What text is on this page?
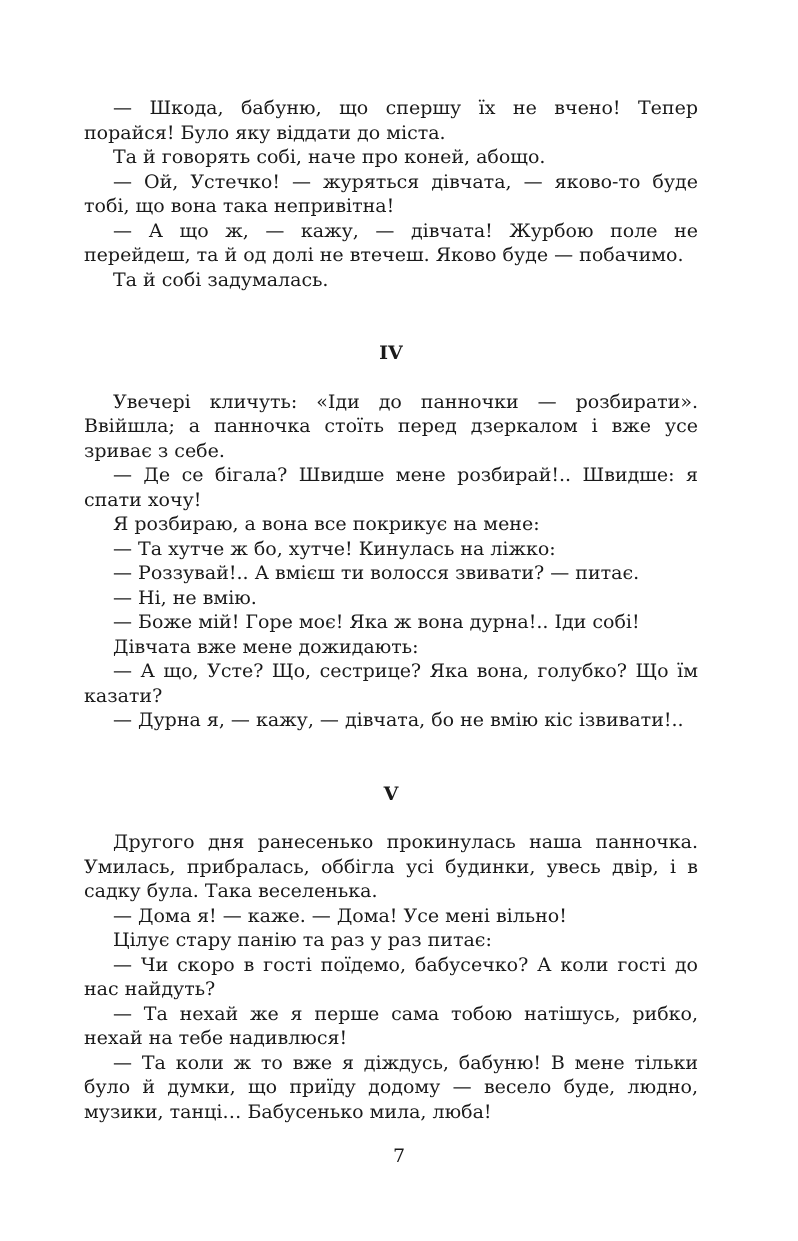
— Шкода, бабуню, що спершу їх не вчено! Тепер порайся! Було яку віддати до міста.

Та й говорять собі, наче про коней, абощо.

— Ой, Устечко! — журяться дівчата, — яково-то буде тобі, що вона така непривітна!

— А що ж, — кажу, — дівчата! Журбою поле не перейдеш, та й од долі не втечеш. Яково буде — побачимо.

Та й собі задумалась.

IV

Увечері кличуть: «Іди до панночки — розбирати». Ввійшла; а панночка стоїть перед дзеркалом і вже усе зриває з себе.

— Де се бігала? Швидше мене розбирай!.. Швидше: я спати хочу!

Я розбираю, а вона все покрикує на мене:

— Та хутче ж бо, хутче! Кинулась на ліжко:

— Роззувай!.. А вмієш ти волосся звивати? — питає.

— Ні, не вмію.

— Боже мій! Горе моє! Яка ж вона дурна!.. Іди собі!

Дівчата вже мене дожидають:

— А що, Усте? Що, сестрице? Яка вона, голубко? Що їм казати?

— Дурна я, — кажу, — дівчата, бо не вмію кіс ізвивати!..

V

Другого дня ранесенько прокинулась наша панночка. Умилась, прибралась, оббігла усі будинки, увесь двір, і в садку була. Така веселенька.

— Дома я! — каже. — Дома! Усе мені вільно!

Цілує стару панію та раз у раз питає:

— Чи скоро в гості поїдемо, бабусечко? А коли гості до нас найдуть?

— Та нехай же я перше сама тобою натішусь, рибко, нехай на тебе надивлюся!

— Та коли ж то вже я діждусь, бабуню! В мене тільки було й думки, що приїду додому — весело буде, людно, музики, танці… Бабусенько мила, люба!

7
